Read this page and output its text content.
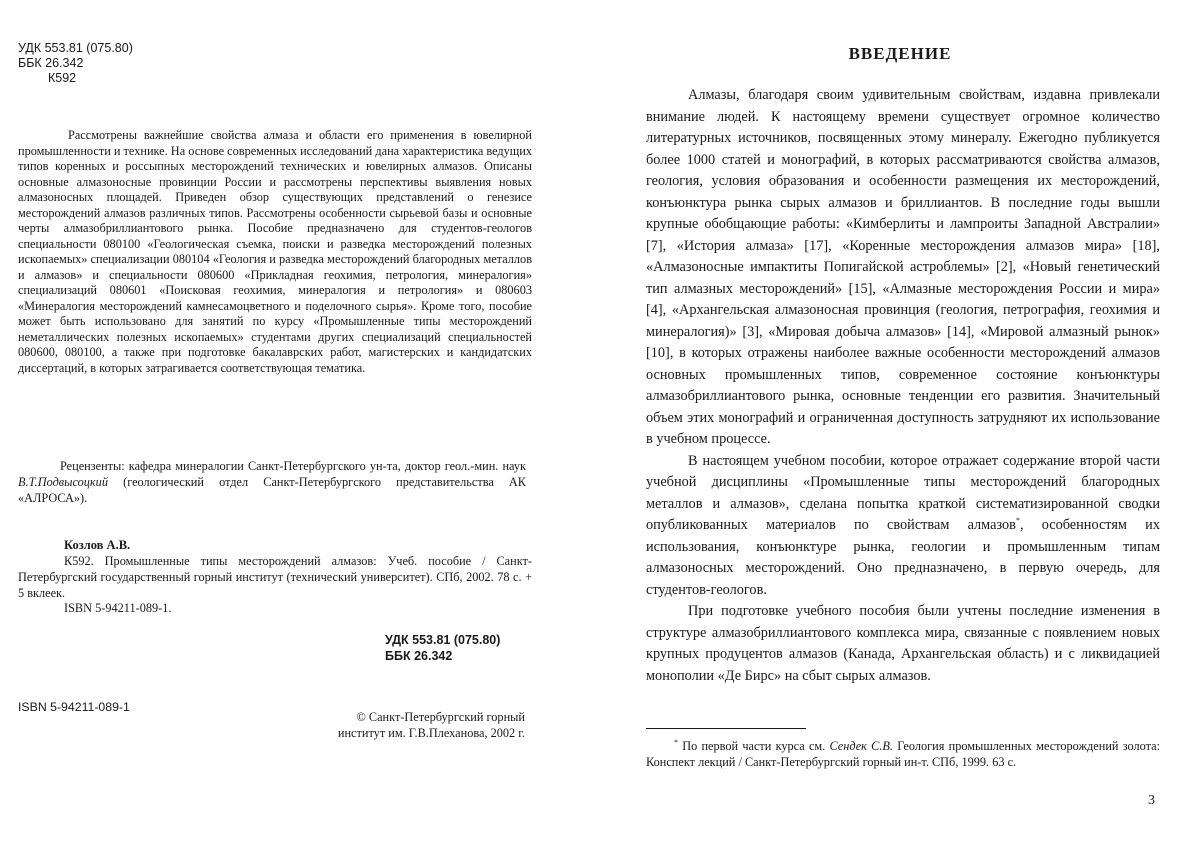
УДК 553.81 (075.80)
ББК 26.342
К592

Рассмотрены важнейшие свойства алмаза и области его применения в ювелирной промышленности и технике. На основе современных исследований дана характеристика ведущих типов коренных и россыпных месторождений технических и ювелирных алмазов. Описаны основные алмазоносные провинции России и рассмотрены перспективы выявления новых алмазоносных площадей. Приведен обзор существующих представлений о генезисе месторождений алмазов различных типов. Рассмотрены особенности сырьевой базы и основные черты алмазобриллиантового рынка. Пособие предназначено для студентов-геологов специальности 080100 «Геологическая съемка, поиски и разведка месторождений полезных ископаемых» специализации 080104 «Геология и разведка месторождений благородных металлов и алмазов» и специальности 080600 «Прикладная геохимия, петрология, минералогия» специализаций 080601 «Поисковая геохимия, минералогия и петрология» и 080603 «Минералогия месторождений камнесамоцветного и поделочного сырья». Кроме того, пособие может быть использовано для занятий по курсу «Промышленные типы месторождений неметаллических полезных ископаемых» студентами других специализаций специальностей 080600, 080100, а также при подготовке бакалаврских работ, магистерских и кандидатских диссертаций, в которых затрагивается соответствующая тематика.

Рецензенты: кафедра минералогии Санкт-Петербургского ун-та, доктор геол.-мин. наук В.Т.Подвысоцкий (геологический отдел Санкт-Петербургского представительства АК «АЛРОСА»).

Козлов А.В.

К592. Промышленные типы месторождений алмазов: Учеб. пособие / Санкт-Петербургский государственный горный институт (технический университет). СПб, 2002. 78 с. + 5 вклеек.

ISBN 5-94211-089-1.

УДК 553.81 (075.80)
ББК 26.342

ISBN 5-94211-089-1

© Санкт-Петербургский горный
институт им. Г.В.Плеханова, 2002 г.

ВВЕДЕНИЕ

Алмазы, благодаря своим удивительным свойствам, издавна привлекали внимание людей. К настоящему времени существует огромное количество литературных источников, посвященных этому минералу. Ежегодно публикуется более 1000 статей и монографий, в которых рассматриваются свойства алмазов, геология, условия образования и особенности размещения их месторождений, конъюнктура рынка сырых алмазов и бриллиантов. В последние годы вышли крупные обобщающие работы: «Кимберлиты и лампроиты Западной Австралии» [7], «История алмаза» [17], «Коренные месторождения алмазов мира» [18], «Алмазоносные импактиты Попигайской астроблемы» [2], «Новый генетический тип алмазных месторождений» [15], «Алмазные месторождения России и мира» [4], «Архангельская алмазоносная провинция (геология, петрография, геохимия и минералогия)» [3], «Мировая добыча алмазов» [14], «Мировой алмазный рынок» [10], в которых отражены наиболее важные особенности месторождений алмазов основных промышленных типов, современное состояние конъюнктуры алмазобриллиантового рынка, основные тенденции его развития. Значительный объем этих монографий и ограниченная доступность затрудняют их использование в учебном процессе.

В настоящем учебном пособии, которое отражает содержание второй части учебной дисциплины «Промышленные типы месторождений благородных металлов и алмазов», сделана попытка краткой систематизированной сводки опубликованных материалов по свойствам алмазов*, особенностям их использования, конъюнктуре рынка, геологии и промышленным типам алмазоносных месторождений. Оно предназначено, в первую очередь, для студентов-геологов.

При подготовке учебного пособия были учтены последние изменения в структуре алмазобриллиантового комплекса мира, связанные с появлением новых крупных продуцентов алмазов (Канада, Архангельская область) и с ликвидацией монополии «Де Бирс» на сбыт сырых алмазов.

* По первой части курса см. Сендек С.В. Геология промышленных месторождений золота: Конспект лекций / Санкт-Петербургский горный ин-т. СПб, 1999. 63 с.

3
